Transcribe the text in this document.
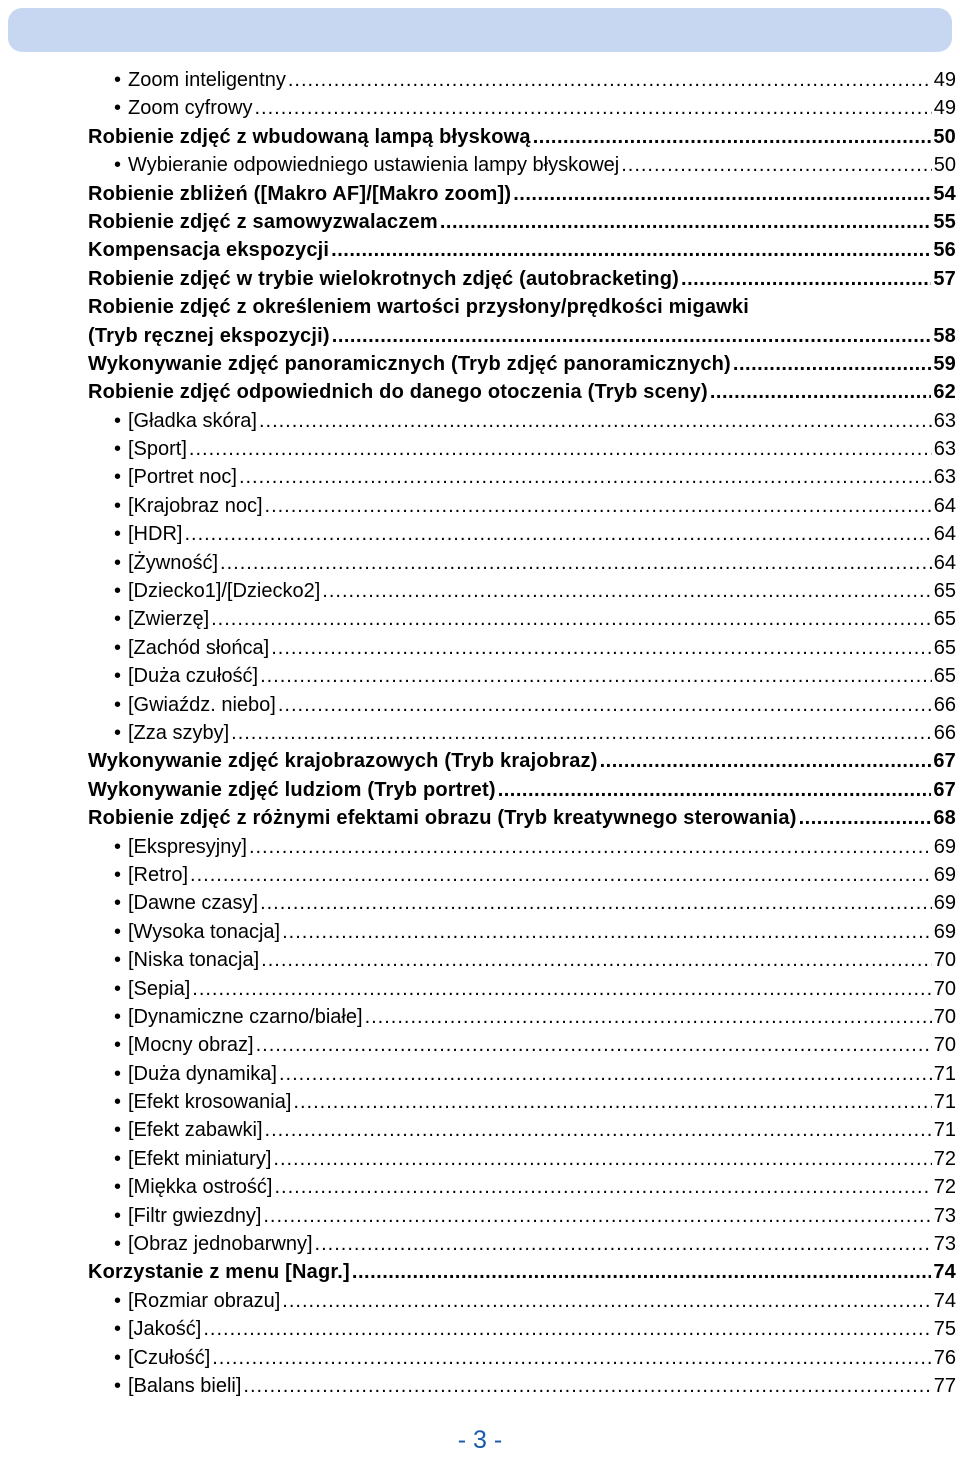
• Zoom inteligentny .....	49
• Zoom cyfrowy .....	49
Robienie zdjęć z wbudowaną lampą błyskową .....	50
• Wybieranie odpowiedniego ustawienia lampy błyskowej .....	50
Robienie zbliżeń ([Makro AF]/[Makro zoom]) .....	54
Robienie zdjęć z samowyzwalaczem .....	55
Kompensacja ekspozycji .....	56
Robienie zdjęć w trybie wielokrotnych zdjęć (autobracketing) .....	57
Robienie zdjęć z określeniem wartości przysłony/prędkości migawki
(Tryb ręcznej ekspozycji) .....	58
Wykonywanie zdjęć panoramicznych (Tryb zdjęć panoramicznych) .....	59
Robienie zdjęć odpowiednich do danego otoczenia (Tryb sceny) .....	62
• [Gładka skóra] .....	63
• [Sport] .....	63
• [Portret noc] .....	63
• [Krajobraz noc] .....	64
• [HDR] .....	64
• [Żywność] .....	64
• [Dziecko1]/[Dziecko2] .....	65
• [Zwierzę] .....	65
• [Zachód słońca] .....	65
• [Duża czułość] .....	65
• [Gwiaźdz. niebo] .....	66
• [Zza szyby] .....	66
Wykonywanie zdjęć krajobrazowych (Tryb krajobraz) .....	67
Wykonywanie zdjęć ludziom (Tryb portret) .....	67
Robienie zdjęć z różnymi efektami obrazu (Tryb kreatywnego sterowania) .....	68
• [Ekspresyjny] .....	69
• [Retro] .....	69
• [Dawne czasy] .....	69
• [Wysoka tonacja] .....	69
• [Niska tonacja] .....	70
• [Sepia] .....	70
• [Dynamiczne czarno/białe] .....	70
• [Mocny obraz] .....	70
• [Duża dynamika] .....	71
• [Efekt krosowania] .....	71
• [Efekt zabawki] .....	71
• [Efekt miniatury] .....	72
• [Miękka ostrość] .....	72
• [Filtr gwiezdny] .....	73
• [Obraz jednobarwny] .....	73
Korzystanie z menu [Nagr.] .....	74
• [Rozmiar obrazu] .....	74
• [Jakość] .....	75
• [Czułość] .....	76
• [Balans bieli] .....	77
- 3 -
